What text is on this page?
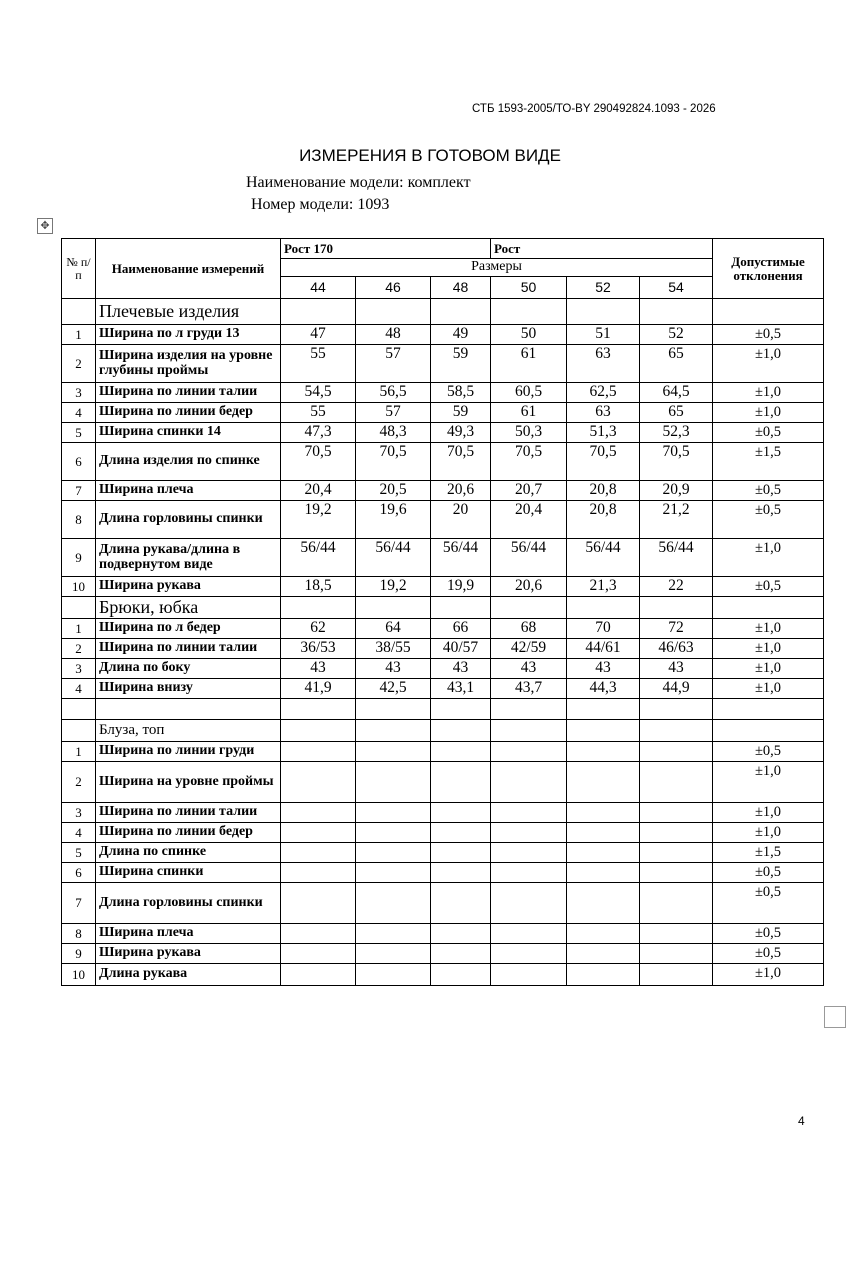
СТБ 1593-2005/ТО-BY 290492824.1093 - 2026
ИЗМЕРЕНИЯ В ГОТОВОМ ВИДЕ
Наименование модели: комплект
Номер модели: 1093
✥
№ п/ п	Наименование измерений	Рост 170			Рост			Допустимые отклонения
		Размеры						
		44	46	48	50	52	54	
	Плечевые изделия							
1	Ширина по л груди 13	47	48	49	50	51	52	±0,5
2	Ширина изделия на уровне глубины проймы	55	57	59	61	63	65	±1,0
3	Ширина по линии талии	54,5	56,5	58,5	60,5	62,5	64,5	±1,0
4	Ширина по линии бедер	55	57	59	61	63	65	±1,0
5	Ширина спинки 14	47,3	48,3	49,3	50,3	51,3	52,3	±0,5
6	Длина изделия по спинке	70,5	70,5	70,5	70,5	70,5	70,5	±1,5
7	Ширина плеча	20,4	20,5	20,6	20,7	20,8	20,9	±0,5
8	Длина горловины спинки	19,2	19,6	20	20,4	20,8	21,2	±0,5
9	Длина рукава/длина в подвернутом виде	56/44	56/44	56/44	56/44	56/44	56/44	±1,0
10	Ширина рукава	18,5	19,2	19,9	20,6	21,3	22	±0,5
	Брюки, юбка							
1	Ширина по л бедер	62	64	66	68	70	72	±1,0
2	Ширина по линии талии	36/53	38/55	40/57	42/59	44/61	46/63	±1,0
3	Длина по боку	43	43	43	43	43	43	±1,0
4	Ширина внизу	41,9	42,5	43,1	43,7	44,3	44,9	±1,0

	Блуза, топ							
1	Ширина по линии груди							±0,5
2	Ширина на уровне проймы							±1,0
3	Ширина по линии талии							±1,0
4	Ширина по линии бедер							±1,0
5	Длина по спинке							±1,5
6	Ширина спинки							±0,5
7	Длина горловины спинки							±0,5
8	Ширина плеча							±0,5
9	Ширина рукава							±0,5
10	Длина рукава							±1,0
4
